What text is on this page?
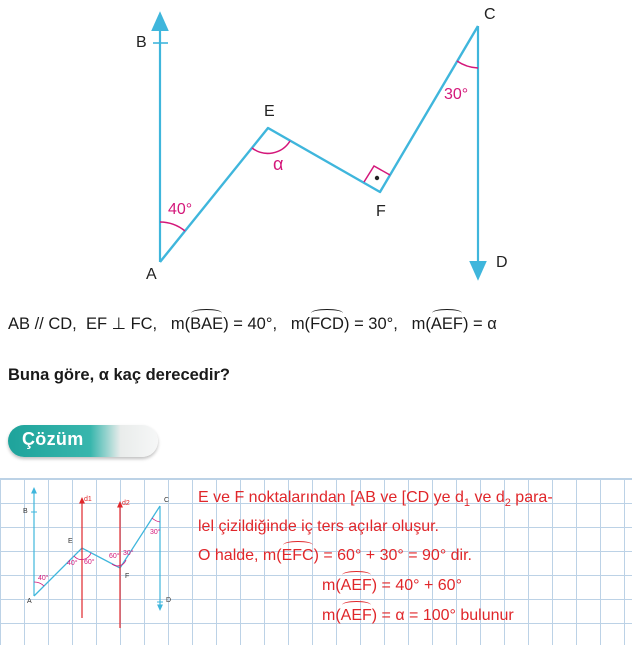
B
A
E
F
C
D
40°
α
30°
AB // CD, EF ⊥ FC, m(BAE) = 40°, m(FCD) = 30°, m(AEF) = α
Buna göre, α kaç derecedir?
Çözüm
B
A
E
F
C
D
d1
d2
40°
40° 60°
60° 30°
30°
E ve F noktalarından [AB ve [CD ye $d_1$ ve $d_2$ para-
lel çizildiğinde iç ters açılar oluşur.
O halde, m(EFC) = 60° + 30° = 90° dir.
m(AEF) = 40° + 60°
m(AEF) = α = 100° bulunur
